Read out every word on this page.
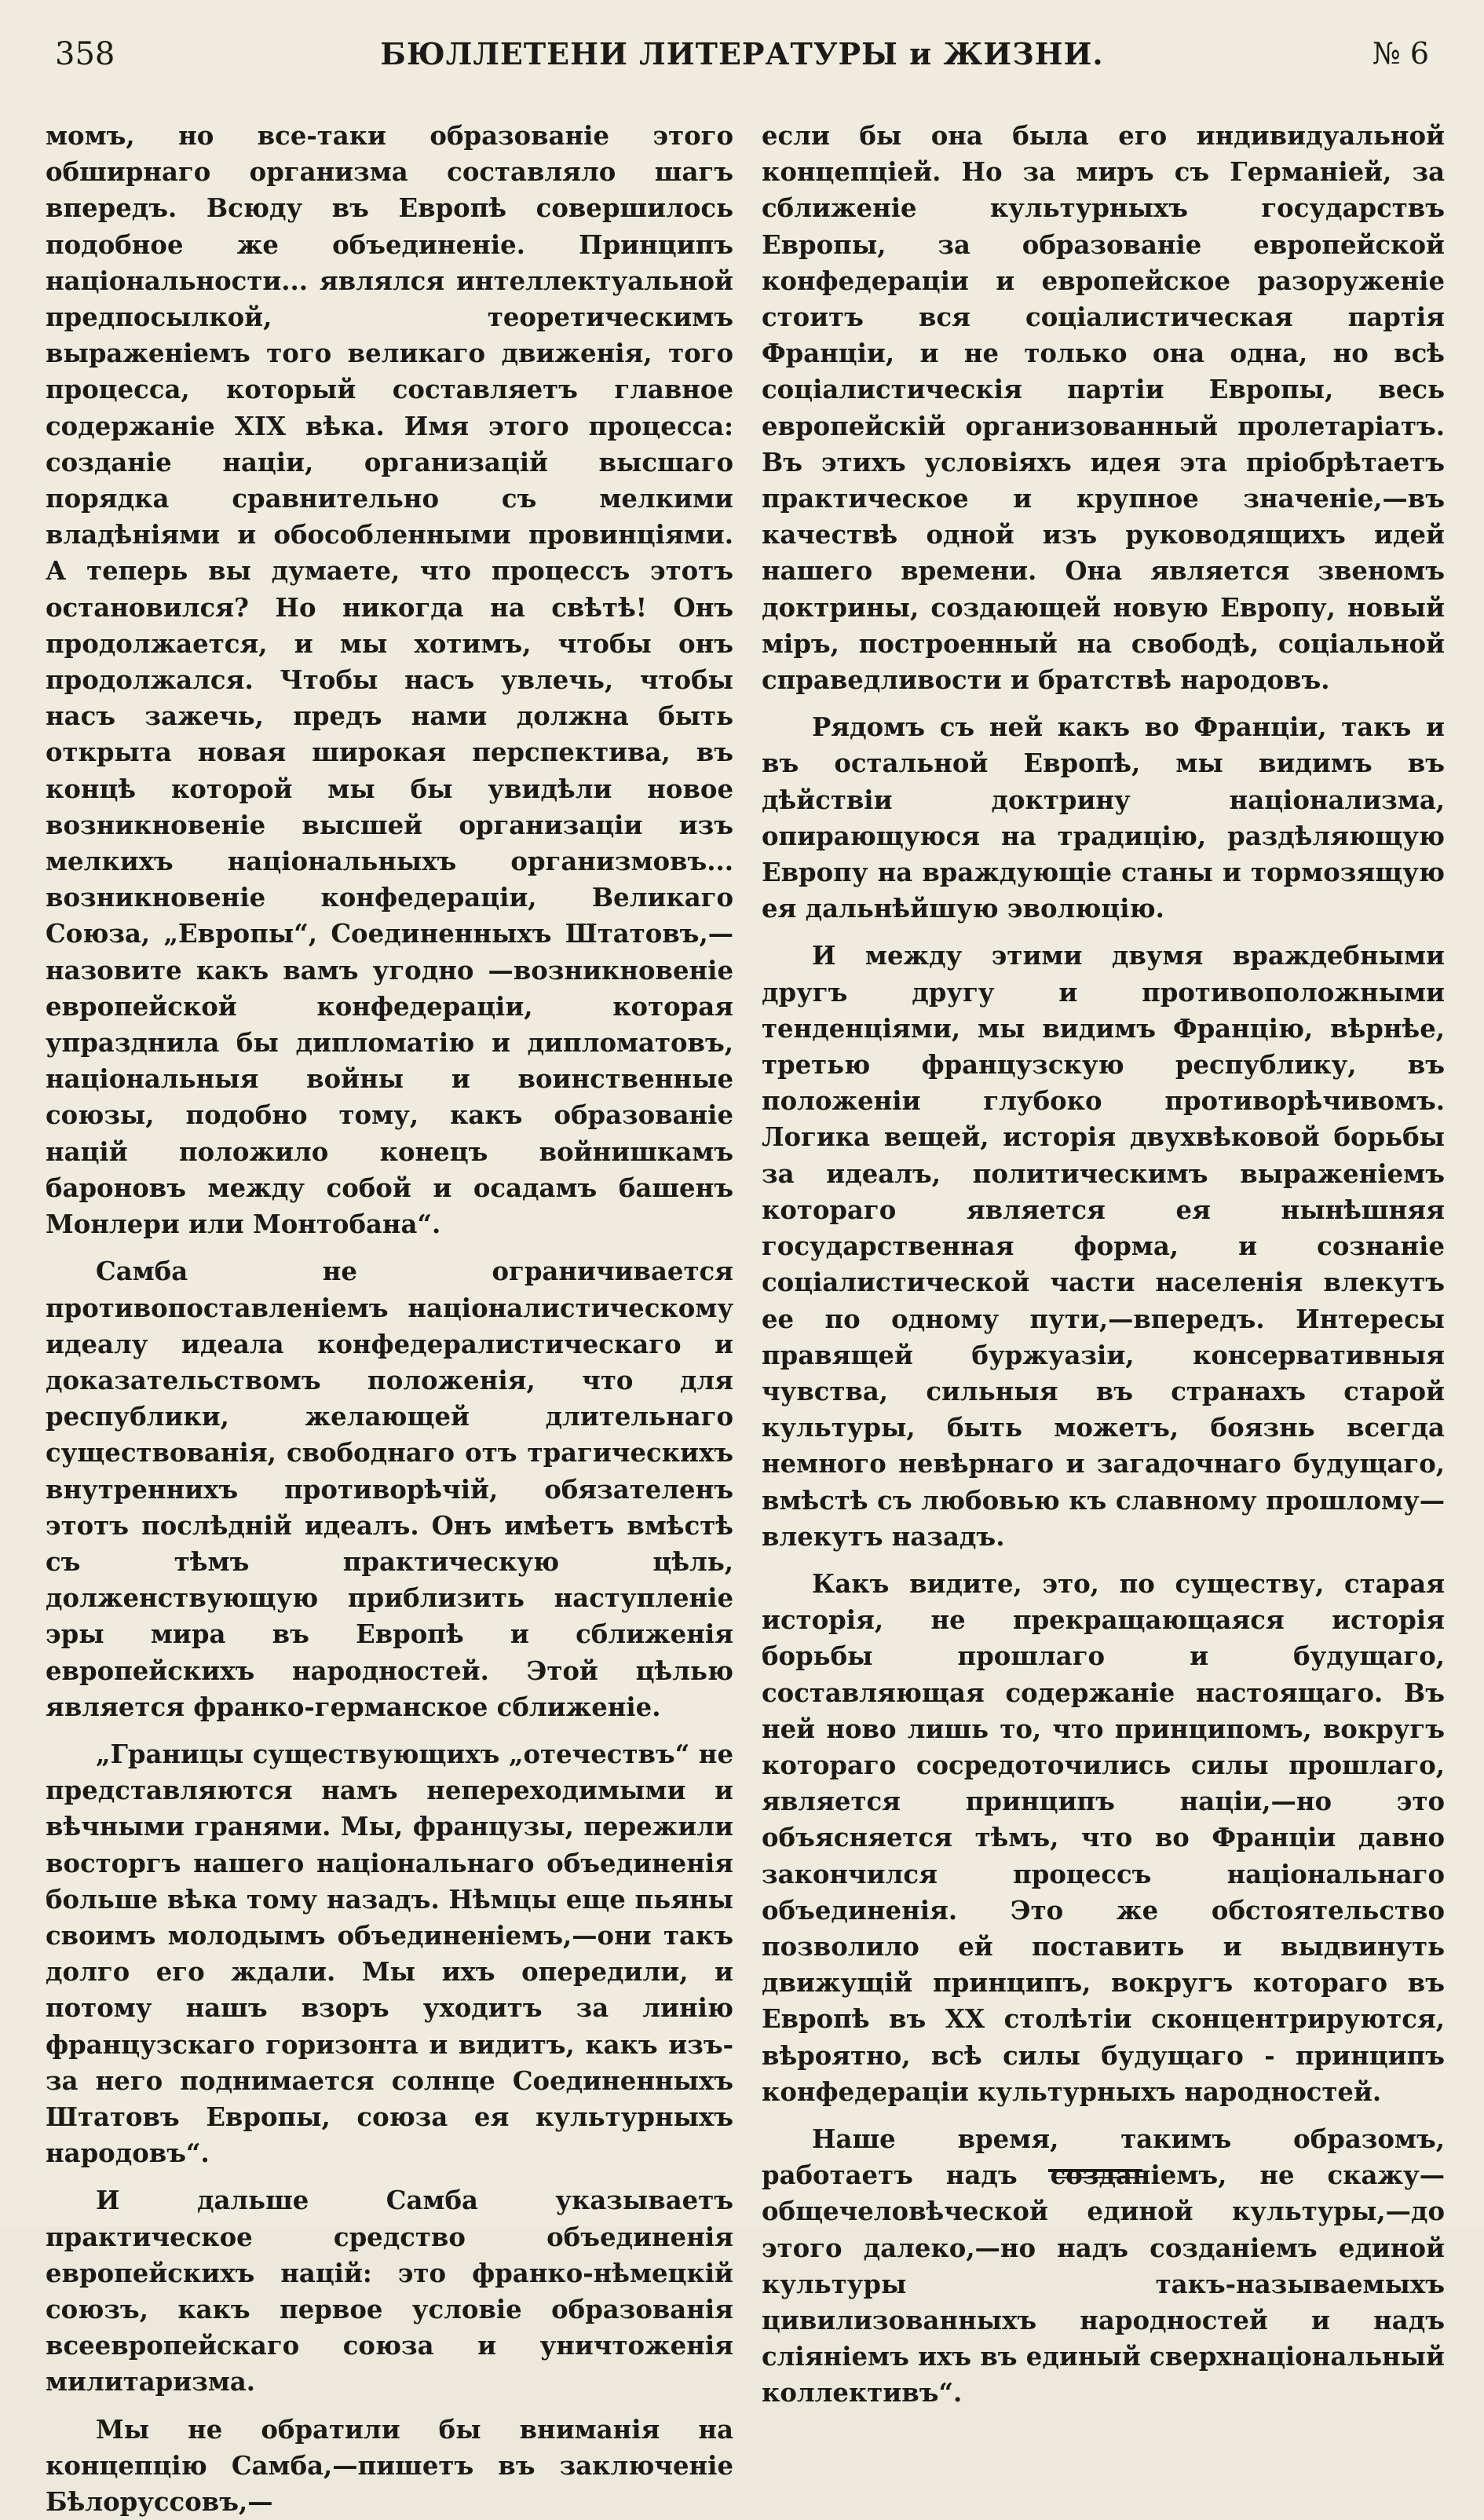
358	БЮЛЛЕТЕНИ ЛИТЕРАТУРЫ и ЖИЗНИ.	№ 6

момъ, но все-таки образованіе этого обширнаго организма составляло шагъ впередъ. Всюду въ Европѣ совершилось подобное же объединеніе. Принципъ національности... являлся интеллектуальной предпосылкой, теоретическимъ выраженіемъ того великаго движенія, того процесса, который составляетъ главное содержаніе XIX вѣка. Имя этого процесса: созданіе націи, организацій высшаго порядка сравнительно съ мелкими владѣніями и обособленными провинціями. А теперь вы думаете, что процессъ этотъ остановился? Но никогда на свѣтѣ! Онъ продолжается, и мы хотимъ, чтобы онъ продолжался. Чтобы насъ увлечь, чтобы насъ зажечь, предъ нами должна быть открыта новая широкая перспектива, въ концѣ которой мы бы увидѣли новое возникновеніе высшей организаціи изъ мелкихъ національныхъ организмовъ... возникновеніе конфедераціи, Великаго Союза, „Европы“, Соединенныхъ Штатовъ,—назовите какъ вамъ угодно —возникновеніе европейской конфедераціи, которая упразднила бы дипломатію и дипломатовъ, національныя войны и воинственные союзы, подобно тому, какъ образованіе націй положило конецъ войнишкамъ бароновъ между собой и осадамъ башенъ Монлери или Монтобана“.

Самба не ограничивается противопоставленіемъ націоналистическому идеалу идеала конфедералистическаго и доказательствомъ положенія, что для республики, желающей длительнаго существованія, свободнаго отъ трагическихъ внутреннихъ противорѣчій, обязателенъ этотъ послѣдній идеалъ. Онъ имѣетъ вмѣстѣ съ тѣмъ практическую цѣль, долженствующую приблизить наступленіе эры мира въ Европѣ и сближенія европейскихъ народностей. Этой цѣлью является франко-германское сближеніе.

„Границы существующихъ „отечествъ“ не представляются намъ непереходимыми и вѣчными гранями. Мы, французы, пережили восторгъ нашего національнаго объединенія больше вѣка тому назадъ. Нѣмцы еще пьяны своимъ молодымъ объединеніемъ,—они такъ долго его ждали. Мы ихъ опередили, и потому нашъ взоръ уходитъ за линію французскаго горизонта и видитъ, какъ изъ-за него поднимается солнце Соединенныхъ Штатовъ Европы, союза ея культурныхъ народовъ“.

И дальше Самба указываетъ практическое средство объединенія европейскихъ націй: это франко-нѣмецкій союзъ, какъ первое условіе образованія всеевропейскаго союза и уничтоженія милитаризма.

Мы не обратили бы вниманія на концепцію Самба,—пишетъ въ заключеніе Бѣлоруссовъ,—

если бы она была его индивидуальной концепціей. Но за миръ съ Германіей, за сближеніе культурныхъ государствъ Европы, за образованіе европейской конфедераціи и европейское разоруженіе стоитъ вся соціалистическая партія Франціи, и не только она одна, но всѣ соціалистическія партіи Европы, весь европейскій организованный пролетаріатъ. Въ этихъ условіяхъ идея эта пріобрѣтаетъ практическое и крупное значеніе,—въ качествѣ одной изъ руководящихъ идей нашего времени. Она является звеномъ доктрины, создающей новую Европу, новый міръ, построенный на свободѣ, соціальной справедливости и братствѣ народовъ.

Рядомъ съ ней какъ во Франціи, такъ и въ остальной Европѣ, мы видимъ въ дѣйствіи доктрину націонализма, опирающуюся на традицію, раздѣляющую Европу на враждующіе станы и тормозящую ея дальнѣйшую эволюцію.

И между этими двумя враждебными другъ другу и противоположными тенденціями, мы видимъ Францію, вѣрнѣе, третью французскую республику, въ положеніи глубоко противорѣчивомъ. Логика вещей, исторія двухвѣковой борьбы за идеалъ, политическимъ выраженіемъ котораго является ея нынѣшняя государственная форма, и сознаніе соціалистической части населенія влекутъ ее по одному пути,—впередъ. Интересы правящей буржуазіи, консервативныя чувства, сильныя въ странахъ старой культуры, быть можетъ, боязнь всегда немного невѣрнаго и загадочнаго будущаго, вмѣстѣ съ любовью къ славному прошлому—влекутъ назадъ.

Какъ видите, это, по существу, старая исторія, не прекращающаяся исторія борьбы прошлаго и будущаго, составляющая содержаніе настоящаго. Въ ней ново лишь то, что принципомъ, вокругъ котораго сосредоточились силы прошлаго, является принципъ націи,—но это объясняется тѣмъ, что во Франціи давно закончился процессъ національнаго объединенія. Это же обстоятельство позволило ей поставить и выдвинуть движущій принципъ, вокругъ котораго въ Европѣ въ XX столѣтіи сконцентрируются, вѣроятно, всѣ силы будущаго - принципъ конфедераціи культурныхъ народностей.

Наше время, такимъ образомъ, работаетъ надъ созданіемъ, не скажу—общечеловѣческой единой культуры,—до этого далеко,—но надъ созданіемъ единой культуры такъ-называемыхъ цивилизованныхъ народностей и надъ сліяніемъ ихъ въ единый сверхнаціональный коллективъ“.
